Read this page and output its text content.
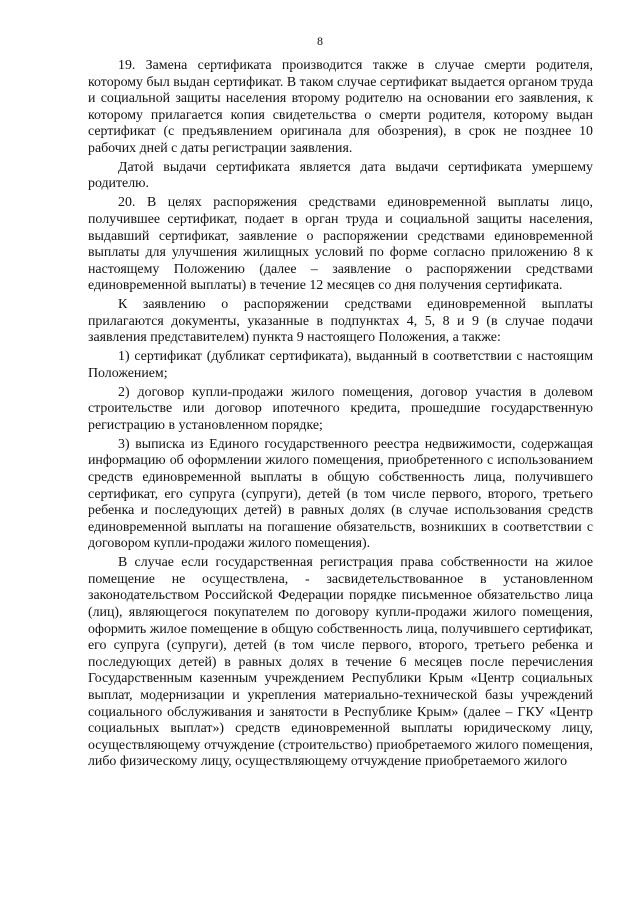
8

19. Замена сертификата производится также в случае смерти родителя, которому был выдан сертификат. В таком случае сертификат выдается органом труда и социальной защиты населения второму родителю на основании его заявления, к которому прилагается копия свидетельства о смерти родителя, которому выдан сертификат (с предъявлением оригинала для обозрения), в срок не позднее 10 рабочих дней с даты регистрации заявления.

Датой выдачи сертификата является дата выдачи сертификата умершему родителю.

20. В целях распоряжения средствами единовременной выплаты лицо, получившее сертификат, подает в орган труда и социальной защиты населения, выдавший сертификат, заявление о распоряжении средствами единовременной выплаты для улучшения жилищных условий по форме согласно приложению 8 к настоящему Положению (далее – заявление о распоряжении средствами единовременной выплаты) в течение 12 месяцев со дня получения сертификата.

К заявлению о распоряжении средствами единовременной выплаты прилагаются документы, указанные в подпунктах 4, 5, 8 и 9 (в случае подачи заявления представителем) пункта 9 настоящего Положения, а также:

1) сертификат (дубликат сертификата), выданный в соответствии с настоящим Положением;

2) договор купли-продажи жилого помещения, договор участия в долевом строительстве или договор ипотечного кредита, прошедшие государственную регистрацию в установленном порядке;

3) выписка из Единого государственного реестра недвижимости, содержащая информацию об оформлении жилого помещения, приобретенного с использованием средств единовременной выплаты в общую собственность лица, получившего сертификат, его супруга (супруги), детей (в том числе первого, второго, третьего ребенка и последующих детей) в равных долях (в случае использования средств единовременной выплаты на погашение обязательств, возникших в соответствии с договором купли-продажи жилого помещения).

В случае если государственная регистрация права собственности на жилое помещение не осуществлена, - засвидетельствованное в установленном законодательством Российской Федерации порядке письменное обязательство лица (лиц), являющегося покупателем по договору купли-продажи жилого помещения, оформить жилое помещение в общую собственность лица, получившего сертификат, его супруга (супруги), детей (в том числе первого, второго, третьего ребенка и последующих детей) в равных долях в течение 6 месяцев после перечисления Государственным казенным учреждением Республики Крым «Центр социальных выплат, модернизации и укрепления материально-технической базы учреждений социального обслуживания и занятости в Республике Крым» (далее – ГКУ «Центр социальных выплат») средств единовременной выплаты юридическому лицу, осуществляющему отчуждение (строительство) приобретаемого жилого помещения, либо физическому лицу, осуществляющему отчуждение приобретаемого жилого
